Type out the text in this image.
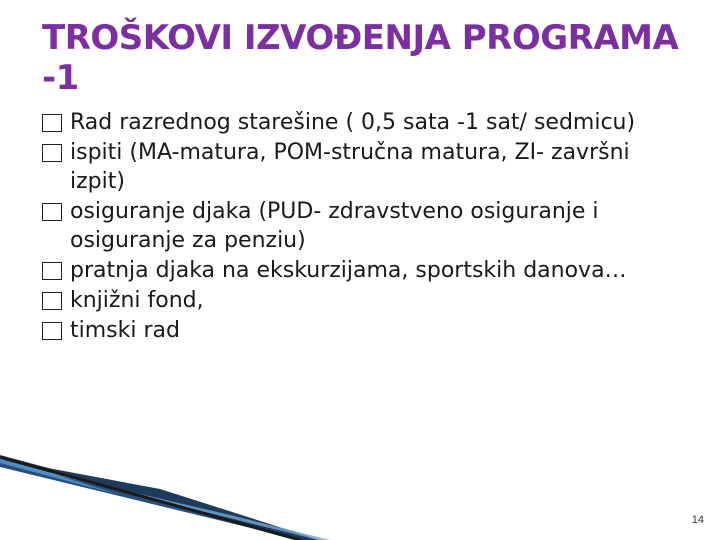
TROŠKOVI IZVOĐENJA PROGRAMA -1
Rad razrednog starešine ( 0,5 sata -1 sat/ sedmicu)
ispiti (MA-matura, POM-stručna matura, ZI- završni izpit)
osiguranje djaka (PUD- zdravstveno osiguranje i osiguranje za penziu)
pratnja djaka na ekskurzijama, sportskih danova…
knjižni fond,
timski rad
14
